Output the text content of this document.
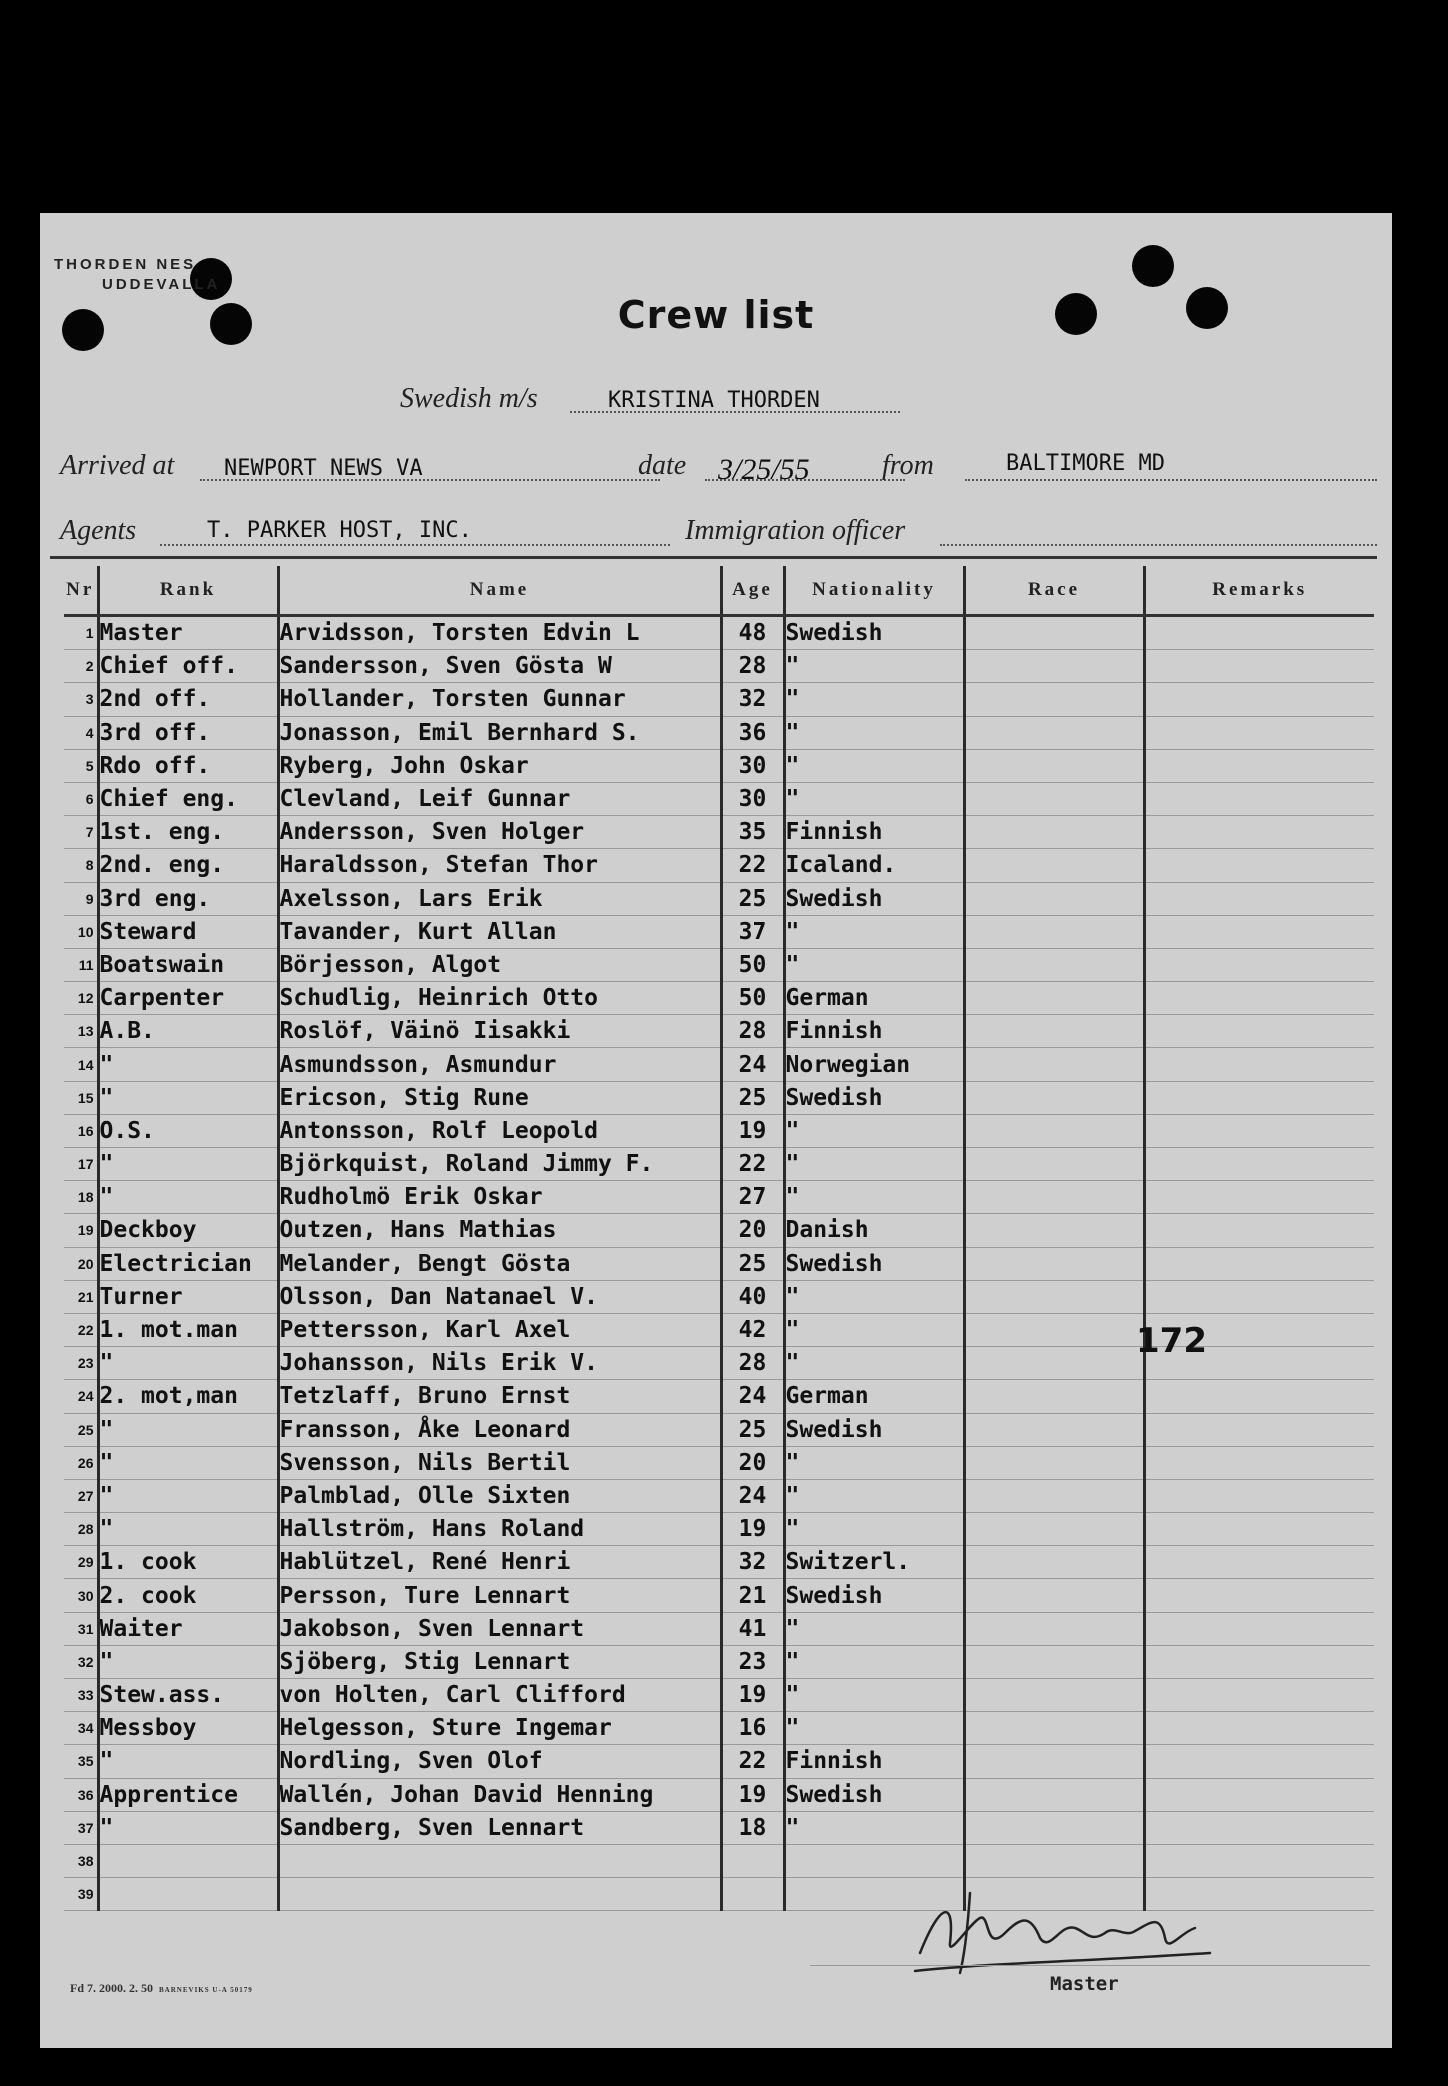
THORDEN NES
UDDEVALLA
Crew list
Swedish m/s	KRISTINA THORDEN
Arrived at NEWPORT NEWS VA	date 3/25/55	from	BALTIMORE MD
Agents	T. PARKER HOST, INC.	Immigration officer
Nr	Rank	Name	Age	Nationality	Race	Remarks
1	Master	Arvidsson, Torsten Edvin L	48	Swedish		
2	Chief off.	Sandersson, Sven Gösta W	28	"		
3	2nd off.	Hollander, Torsten Gunnar	32	"		
4	3rd off.	Jonasson, Emil Bernhard S.	36	"		
5	Rdo off.	Ryberg, John Oskar	30	"		
6	Chief eng.	Clevland, Leif Gunnar	30	"		
7	1st. eng.	Andersson, Sven Holger	35	Finnish		
8	2nd. eng.	Haraldsson, Stefan Thor	22	Icaland.		
9	3rd eng.	Axelsson, Lars Erik	25	Swedish		
10	Steward	Tavander, Kurt Allan	37	"		
11	Boatswain	Börjesson, Algot	50	"		
12	Carpenter	Schudlig, Heinrich Otto	50	German		
13	A.B.	Roslöf, Väinö Iisakki	28	Finnish		
14	"	Asmundsson, Asmundur	24	Norwegian		
15	"	Ericson, Stig Rune	25	Swedish		
16	O.S.	Antonsson, Rolf Leopold	19	"		
17	"	Björkquist, Roland Jimmy F.	22	"		
18	"	Rudholmö Erik Oskar	27	"		
19	Deckboy	Outzen, Hans Mathias	20	Danish		
20	Electrician	Melander, Bengt Gösta	25	Swedish		
21	Turner	Olsson, Dan Natanael V.	40	"		
22	1. mot.man	Pettersson, Karl Axel	42	"		
23	"	Johansson, Nils Erik V.	28	"		
24	2. mot,man	Tetzlaff, Bruno Ernst	24	German		
25	"	Fransson, Åke Leonard	25	Swedish		
26	"	Svensson, Nils Bertil	20	"		
27	"	Palmblad, Olle Sixten	24	"		
28	"	Hallström, Hans Roland	19	"		
29	1. cook	Hablützel, René Henri	32	Switzerl.		
30	2. cook	Persson, Ture Lennart	21	Swedish		
31	Waiter	Jakobson, Sven Lennart	41	"		
32	"	Sjöberg, Stig Lennart	23	"		
33	Stew.ass.	von Holten, Carl Clifford	19	"		
34	Messboy	Helgesson, Sture Ingemar	16	"		
35	"	Nordling, Sven Olof	22	Finnish		
36	Apprentice	Wallén, Johan David Henning	19	Swedish		
37	"	Sandberg, Sven Lennart	18	"		
38						
39						
172
Master
Fd 7. 2000. 2. 50 BARNEVIKS U-A 50179
